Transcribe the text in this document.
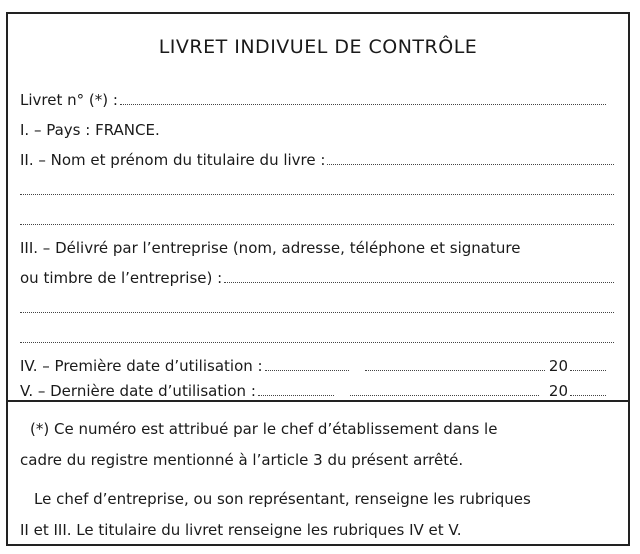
LIVRET INDIVUEL DE CONTRÔLE
Livret n° (*) :
I. – Pays : FRANCE.
II. – Nom et prénom du titulaire du livre :
III. – Délivré par l’entreprise (nom, adresse, téléphone et signature
ou timbre de l’entreprise) :
IV. – Première date d’utilisation :	20
V. – Dernière date d’utilisation :	20

(*) Ce numéro est attribué par le chef d’établissement dans le
cadre du registre mentionné à l’article 3 du présent arrêté.

Le chef d’entreprise, ou son représentant, renseigne les rubriques
II et III. Le titulaire du livret renseigne les rubriques IV et V.
